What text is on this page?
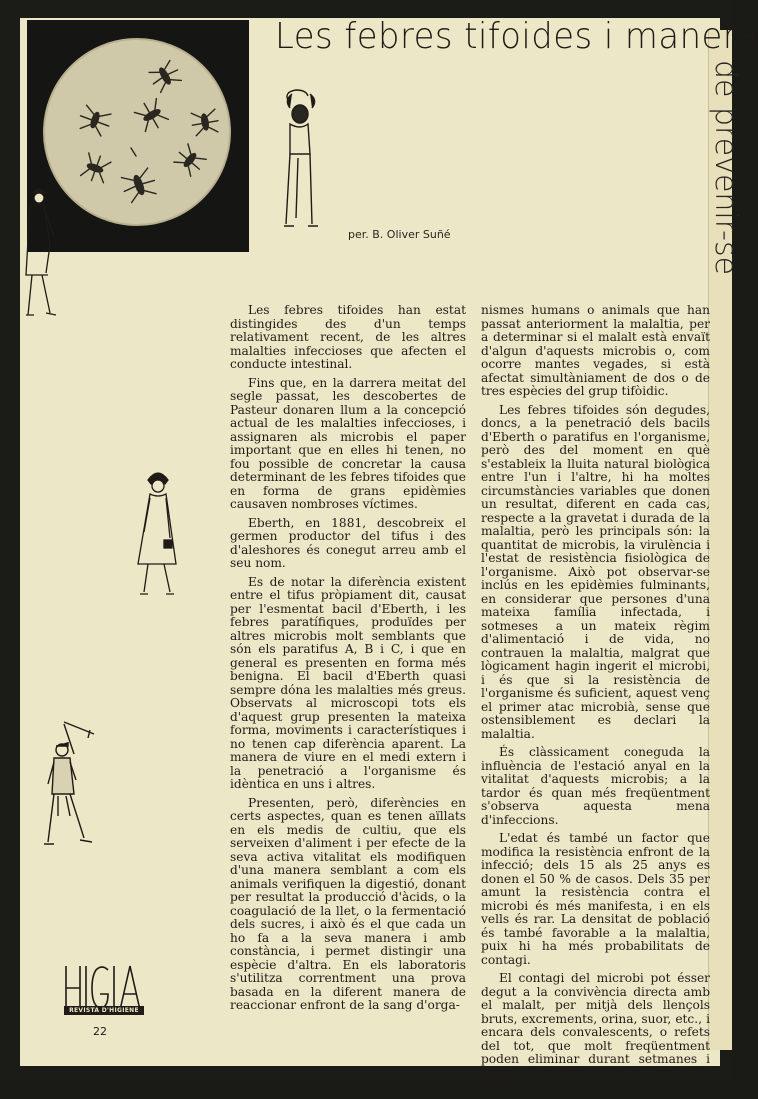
Les febres tifoides i manera
de prevenir-se
per. B. Oliver Suñé

Les febres tifoides han estat distingides des d'un temps relativament recent, de les altres malalties infeccioses que afecten el conducte intestinal.

Fins que, en la darrera meitat del segle passat, les descobertes de Pasteur donaren llum a la concepció actual de les malalties infeccioses, i assignaren als microbis el paper important que en elles hi tenen, no fou possible de concretar la causa determinant de les febres tifoides que en forma de grans epidèmies causaven nombroses víctimes.

Eberth, en 1881, descobreix el germen productor del tifus i des d'aleshores és conegut arreu amb el seu nom.

Es de notar la diferència existent entre el tifus pròpiament dit, causat per l'esmentat bacil d'Eberth, i les febres paratífiques, produïdes per altres microbis molt semblants que són els paratifus A, B i C, i que en general es presenten en forma més benigna. El bacil d'Eberth quasi sempre dóna les malalties més greus. Observats al microscopi tots els d'aquest grup presenten la mateixa forma, moviments i característiques i no tenen cap diferència aparent. La manera de viure en el medi extern i la penetració a l'organisme és idèntica en uns i altres.

Presenten, però, diferències en certs aspectes, quan es tenen aïllats en els medis de cultiu, que els serveixen d'aliment i per efecte de la seva activa vitalitat els modifiquen d'una manera semblant a com els animals verifiquen la digestió, donant per resultat la producció d'àcids, o la coagulació de la llet, o la fermentació dels sucres, i això és el que cada un ho fa a la seva manera i amb constància, i permet distingir una espècie d'altra. En els laboratoris s'utilitza correntment una prova basada en la diferent manera de reaccionar enfront de la sang d'orga-

nismes humans o animals que han passat anteriorment la malaltia, per a determinar si el malalt està envaït d'algun d'aquests microbis o, com ocorre mantes vegades, si està afectat simultàniament de dos o de tres espècies del grup tifòidic.

Les febres tifoides són degudes, doncs, a la penetració dels bacils d'Eberth o paratifus en l'organisme, però des del moment en què s'estableix la lluita natural biològica entre l'un i l'altre, hi ha moltes circumstàncies variables que donen un resultat, diferent en cada cas, respecte a la gravetat i durada de la malaltia, però les principals són: la quantitat de microbis, la virulència i l'estat de resistència fisiològica de l'organisme. Això pot observar-se inclús en les epidèmies fulminants, en considerar que persones d'una mateixa família infectada, i sotmeses a un mateix règim d'alimentació i de vida, no contrauen la malaltia, malgrat que lògicament hagin ingerit el microbi, i és que si la resistència de l'organisme és suficient, aquest venç el primer atac microbià, sense que ostensiblement es declari la malaltia.

És clàssicament coneguda la influència de l'estació anyal en la vitalitat d'aquests microbis; a la tardor és quan més freqüentment s'observa aquesta mena d'infeccions.

L'edat és també un factor que modifica la resistència enfront de la infecció; dels 15 als 25 anys es donen el 50 % de casos. Dels 35 per amunt la resistència contra el microbi és més manifesta, i en els vells és rar. La densitat de població és també favorable a la malaltia, puix hi ha més probabilitats de contagi.

El contagi del microbi pot ésser degut a la convivència directa amb el malalt, per mitjà dels llençols bruts, excrements, orina, suor, etc., i encara dels convalescents, o refets del tot, que molt freqüentment poden eliminar durant setmanes i mesos el microbi. Més rarament els por-

REVISTA D'HIGIENE
22
